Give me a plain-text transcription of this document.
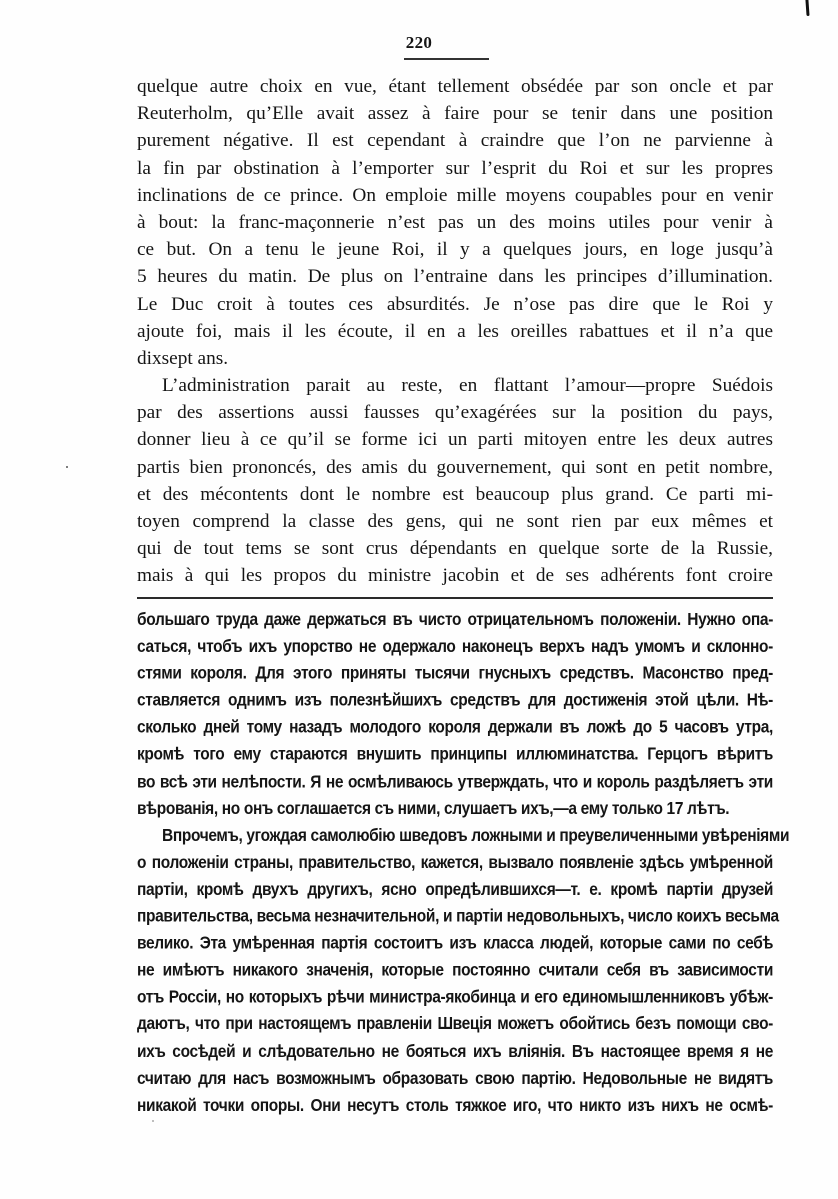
220
quelque autre choix en vue, étant tellement obsédée par son oncle et par
Reuterholm, qu’Elle avait assez à faire pour se tenir dans une position
purement négative. Il est cependant à craindre que l’on ne parvienne à
la fin par obstination à l’emporter sur l’esprit du Roi et sur les propres
inclinations de ce prince. On emploie mille moyens coupables pour en venir
à bout: la franc-maçonnerie n’est pas un des moins utiles pour venir à
ce but. On a tenu le jeune Roi, il y a quelques jours, en loge jusqu’à
5 heures du matin. De plus on l’entraine dans les principes d’illumination.
Le Duc croit à toutes ces absurdités. Je n’ose pas dire que le Roi y
ajoute foi, mais il les écoute, il en a les oreilles rabattues et il n’a que
dixsept ans.
L’administration parait au reste, en flattant l’amour—propre Suédois
par des assertions aussi fausses qu’exagérées sur la position du pays,
donner lieu à ce qu’il se forme ici un parti mitoyen entre les deux autres
partis bien prononcés, des amis du gouvernement, qui sont en petit nombre,
et des mécontents dont le nombre est beaucoup plus grand. Ce parti mi-
toyen comprend la classe des gens, qui ne sont rien par eux mêmes et
qui de tout tems se sont crus dépendants en quelque sorte de la Russie,
mais à qui les propos du ministre jacobin et de ses adhérents font croire
большаго труда даже держаться въ чисто отрицательномъ положенiи. Нужно опа-
саться, чтобъ ихъ упорство не одержало наконецъ верхъ надъ умомъ и склонно-
стями короля. Для этого приняты тысячи гнусныхъ средствъ. Масонство пред-
ставляется однимъ изъ полезнѣйшихъ средствъ для достиженiя этой цѣли. Нѣ-
сколько дней тому назадъ молодого короля держали въ ложѣ до 5 часовъ утра,
кромѣ того ему стараются внушить принципы иллюминатства. Герцогъ вѣритъ
во всѣ эти нелѣпости. Я не осмѣливаюсь утверждать, что и король раздѣляетъ эти
вѣрованiя, но онъ соглашается съ ними, слушаетъ ихъ,—а ему только 17 лѣтъ.
Впрочемъ, угождая самолюбiю шведовъ ложными и преувеличенными увѣренiями
о положенiи страны, правительство, кажется, вызвало появленiе здѣсь умѣренной
партiи, кромѣ двухъ другихъ, ясно опредѣлившихся—т. е. кромѣ партiи друзей
правительства, весьма незначительной, и партiи недовольныхъ, число коихъ весьма
велико. Эта умѣренная партiя состоитъ изъ класса людей, которые сами по себѣ
не имѣютъ никакого значенiя, которые постоянно считали себя въ зависимости
отъ Россiи, но которыхъ рѣчи министра-якобинца и его единомышленниковъ убѣж-
даютъ, что при настоящемъ правленiи Швецiя можетъ обойтись безъ помощи сво-
ихъ сосѣдей и слѣдовательно не бояться ихъ влiянiя. Въ настоящее время я не
считаю для насъ возможнымъ образовать свою партiю. Недовольные не видятъ
никакой точки опоры. Они несутъ столь тяжкое иго, что никто изъ нихъ не осмѣ-
